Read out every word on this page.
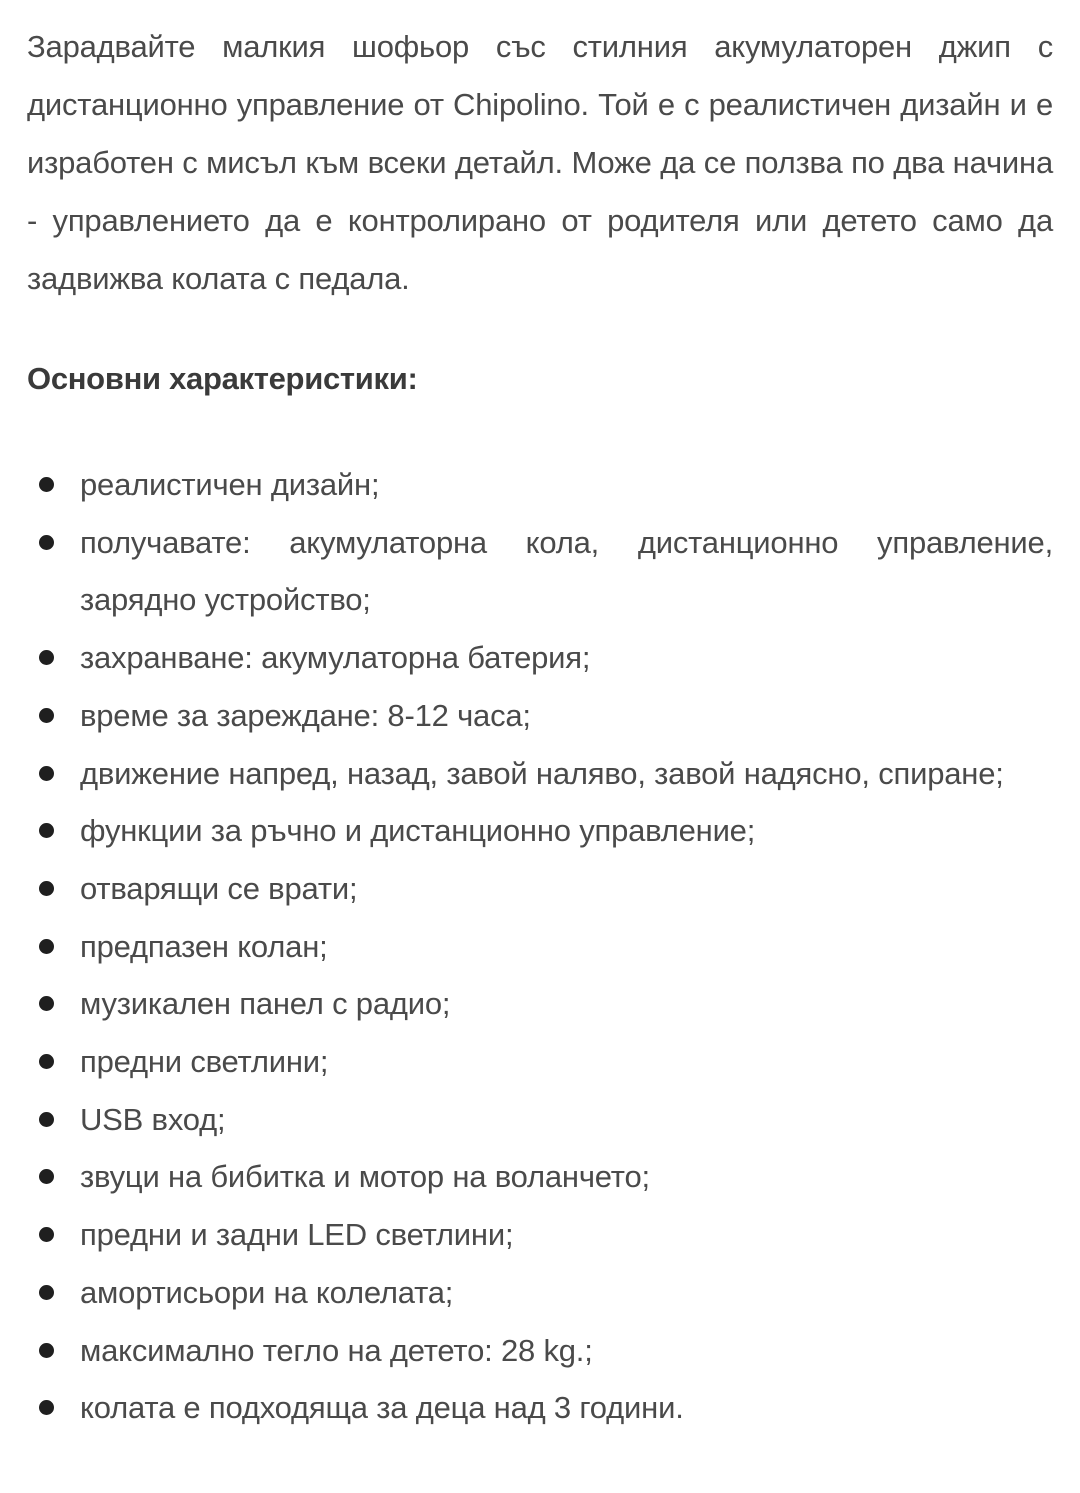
Зарадвайте малкия шофьор със стилния акумулаторен джип с дистанционно управление от Chipolino. Той е с реалистичен дизайн и е изработен с мисъл към всеки детайл. Може да се ползва по два начина - управлението да е контролирано от родителя или детето само да задвижва колата с педала.

Основни характеристики:
реалистичен дизайн;
получавате: акумулаторна кола, дистанционно управление, зарядно устройство;
захранване: акумулаторна батерия;
време за зареждане: 8-12 часа;
движение напред, назад, завой наляво, завой надясно, спиране;
функции за ръчно и дистанционно управление;
отварящи се врати;
предпазен колан;
музикален панел с радио;
предни светлини;
USB вход;
звуци на бибитка и мотор на воланчето;
предни и задни LED светлини;
амортисьори на колелата;
максимално тегло на детето: 28 kg.;
колата е подходяща за деца над 3 години.
